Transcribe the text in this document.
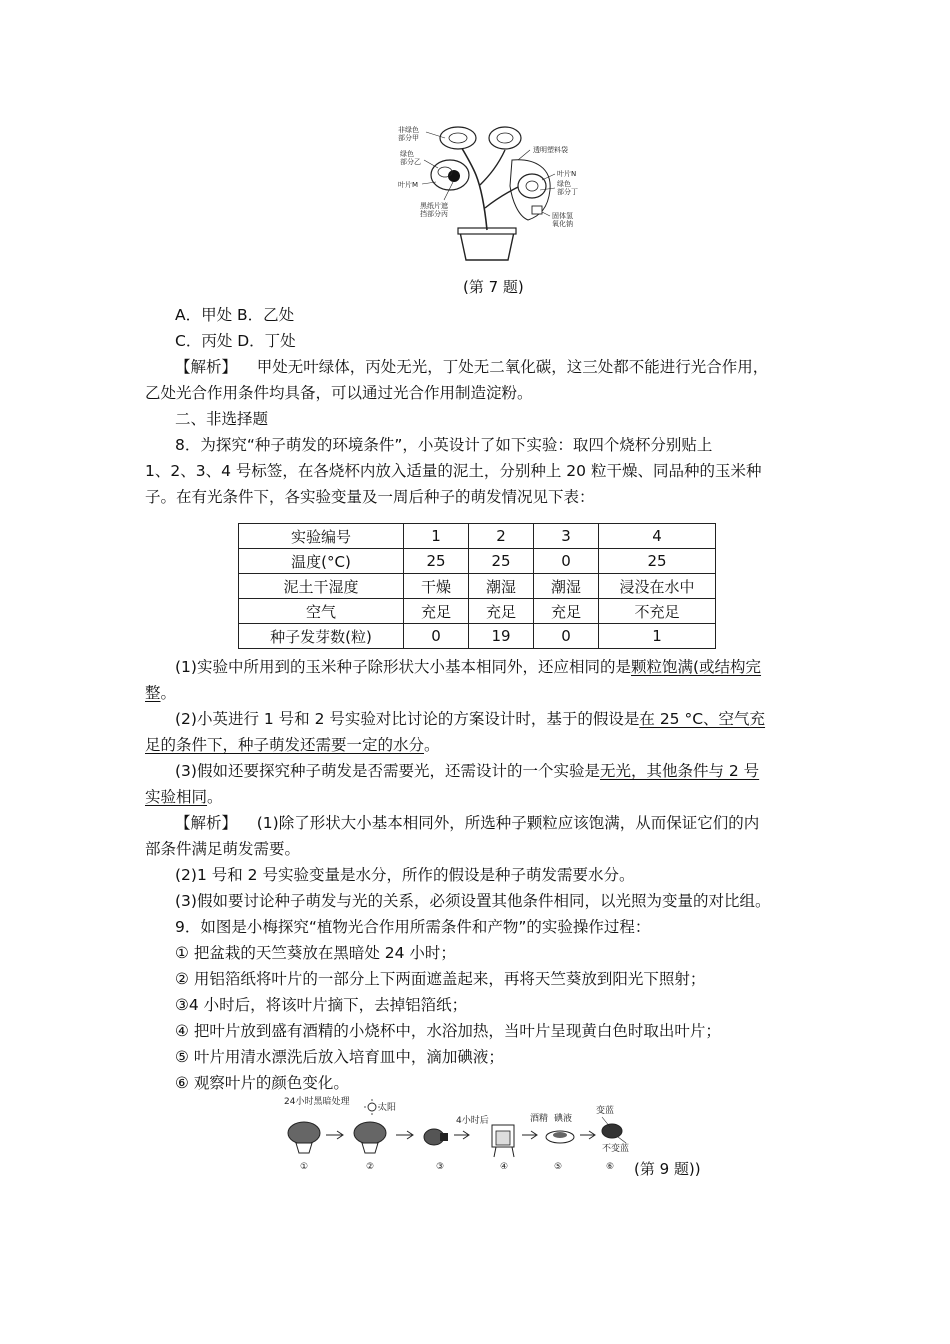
非绿色
部分甲
绿色
部分乙
叶片M
黑纸片遮
挡部分丙
透明塑料袋
叶片N
绿色
部分丁
固体氢
氧化钠
(第 7 题)
A．甲处 B．乙处
C．丙处 D．丁处
【解析】 甲处无叶绿体，丙处无光，丁处无二氧化碳，这三处都不能进行光合作用，
乙处光合作用条件均具备，可以通过光合作用制造淀粉。
二、非选择题
8．为探究“种子萌发的环境条件”，小英设计了如下实验：取四个烧杯分别贴上
1、2、3、4 号标签，在各烧杯内放入适量的泥土，分别种上 20 粒干燥、同品种的玉米种
子。在有光条件下，各实验变量及一周后种子的萌发情况见下表：
实验编号	1	2	3	4
温度(°C)	25	25	0	25
泥土干湿度	干燥	潮湿	潮湿	浸没在水中
空气	充足	充足	充足	不充足
种子发芽数(粒)	0	19	0	1
(1)实验中所用到的玉米种子除形状大小基本相同外，还应相同的是颗粒饱满(或结构完
整。
(2)小英进行 1 号和 2 号实验对比讨论的方案设计时，基于的假设是在 25 °C、空气充
足的条件下，种子萌发还需要一定的水分。
(3)假如还要探究种子萌发是否需要光，还需设计的一个实验是无光，其他条件与 2 号
实验相同。
【解析】 (1)除了形状大小基本相同外，所选种子颗粒应该饱满，从而保证它们的内
部条件满足萌发需要。
(2)1 号和 2 号实验变量是水分，所作的假设是种子萌发需要水分。
(3)假如要讨论种子萌发与光的关系，必须设置其他条件相同，以光照为变量的对比组。
9．如图是小梅探究“植物光合作用所需条件和产物”的实验操作过程：
① 把盆栽的天竺葵放在黑暗处 24 小时；
② 用铝箔纸将叶片的一部分上下两面遮盖起来，再将天竺葵放到阳光下照射；
③4 小时后，将该叶片摘下，去掉铝箔纸；
④ 把叶片放到盛有酒精的小烧杯中，水浴加热，当叶片呈现黄白色时取出叶片；
⑤ 叶片用清水漂洗后放入培育皿中，滴加碘液；
⑥ 观察叶片的颜色变化。
24小时黑暗处理
太阳
4小时后	酒精 碘液
变蓝
不变蓝
①	②	③	④	⑤	⑥ (第 9 题))
